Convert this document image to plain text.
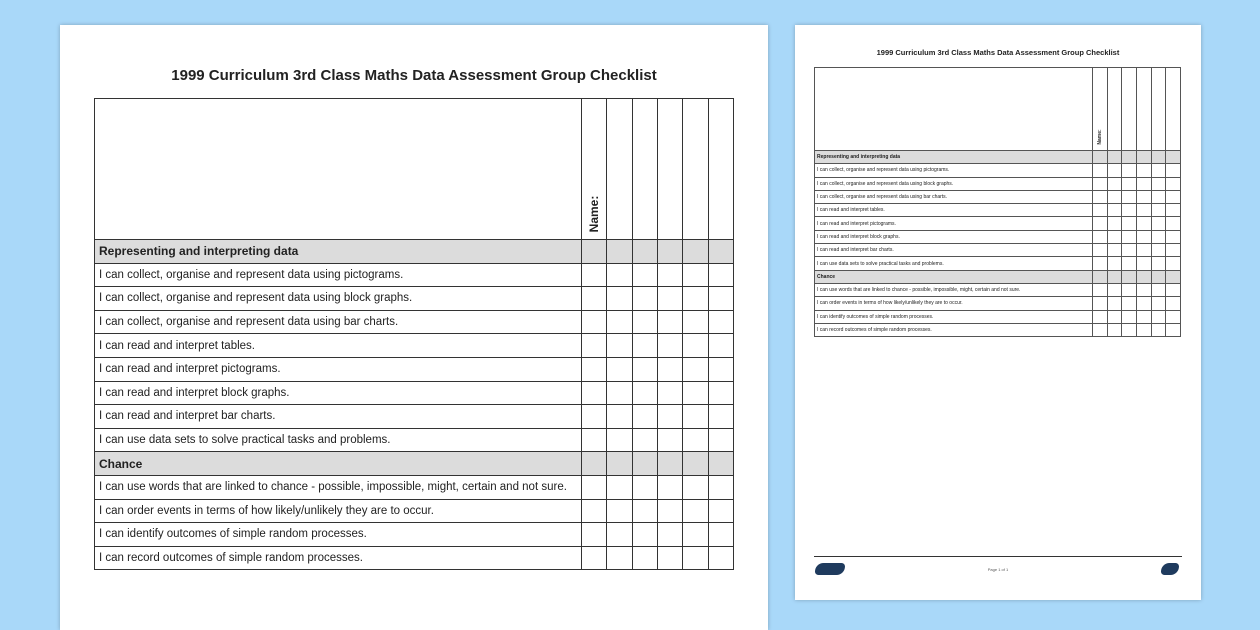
1999 Curriculum 3rd Class Maths Data Assessment Group Checklist

	Name:					

Representing and interpreting data						
I can collect, organise and represent data using pictograms.						
I can collect, organise and represent data using block graphs.						
I can collect, organise and represent data using bar charts.						
I can read and interpret tables.						
I can read and interpret pictograms.						
I can read and interpret block graphs.						
I can read and interpret bar charts.						
I can use data sets to solve practical tasks and problems.						
Chance						
I can use words that are linked to chance - possible, impossible, might, certain and not sure.						
I can order events in terms of how likely/unlikely they are to occur.						
I can identify outcomes of simple random processes.						
I can record outcomes of simple random processes.						
1999 Curriculum 3rd Class Maths Data Assessment Group Checklist

	Name:					

Representing and interpreting data						
I can collect, organise and represent data using pictograms.						
I can collect, organise and represent data using block graphs.						
I can collect, organise and represent data using bar charts.						
I can read and interpret tables.						
I can read and interpret pictograms.						
I can read and interpret block graphs.						
I can read and interpret bar charts.						
I can use data sets to solve practical tasks and problems.						
Chance						
I can use words that are linked to chance - possible, impossible, might, certain and not sure.						
I can order events in terms of how likely/unlikely they are to occur.						
I can identify outcomes of simple random processes.						
I can record outcomes of simple random processes.						
Page 1 of 1
